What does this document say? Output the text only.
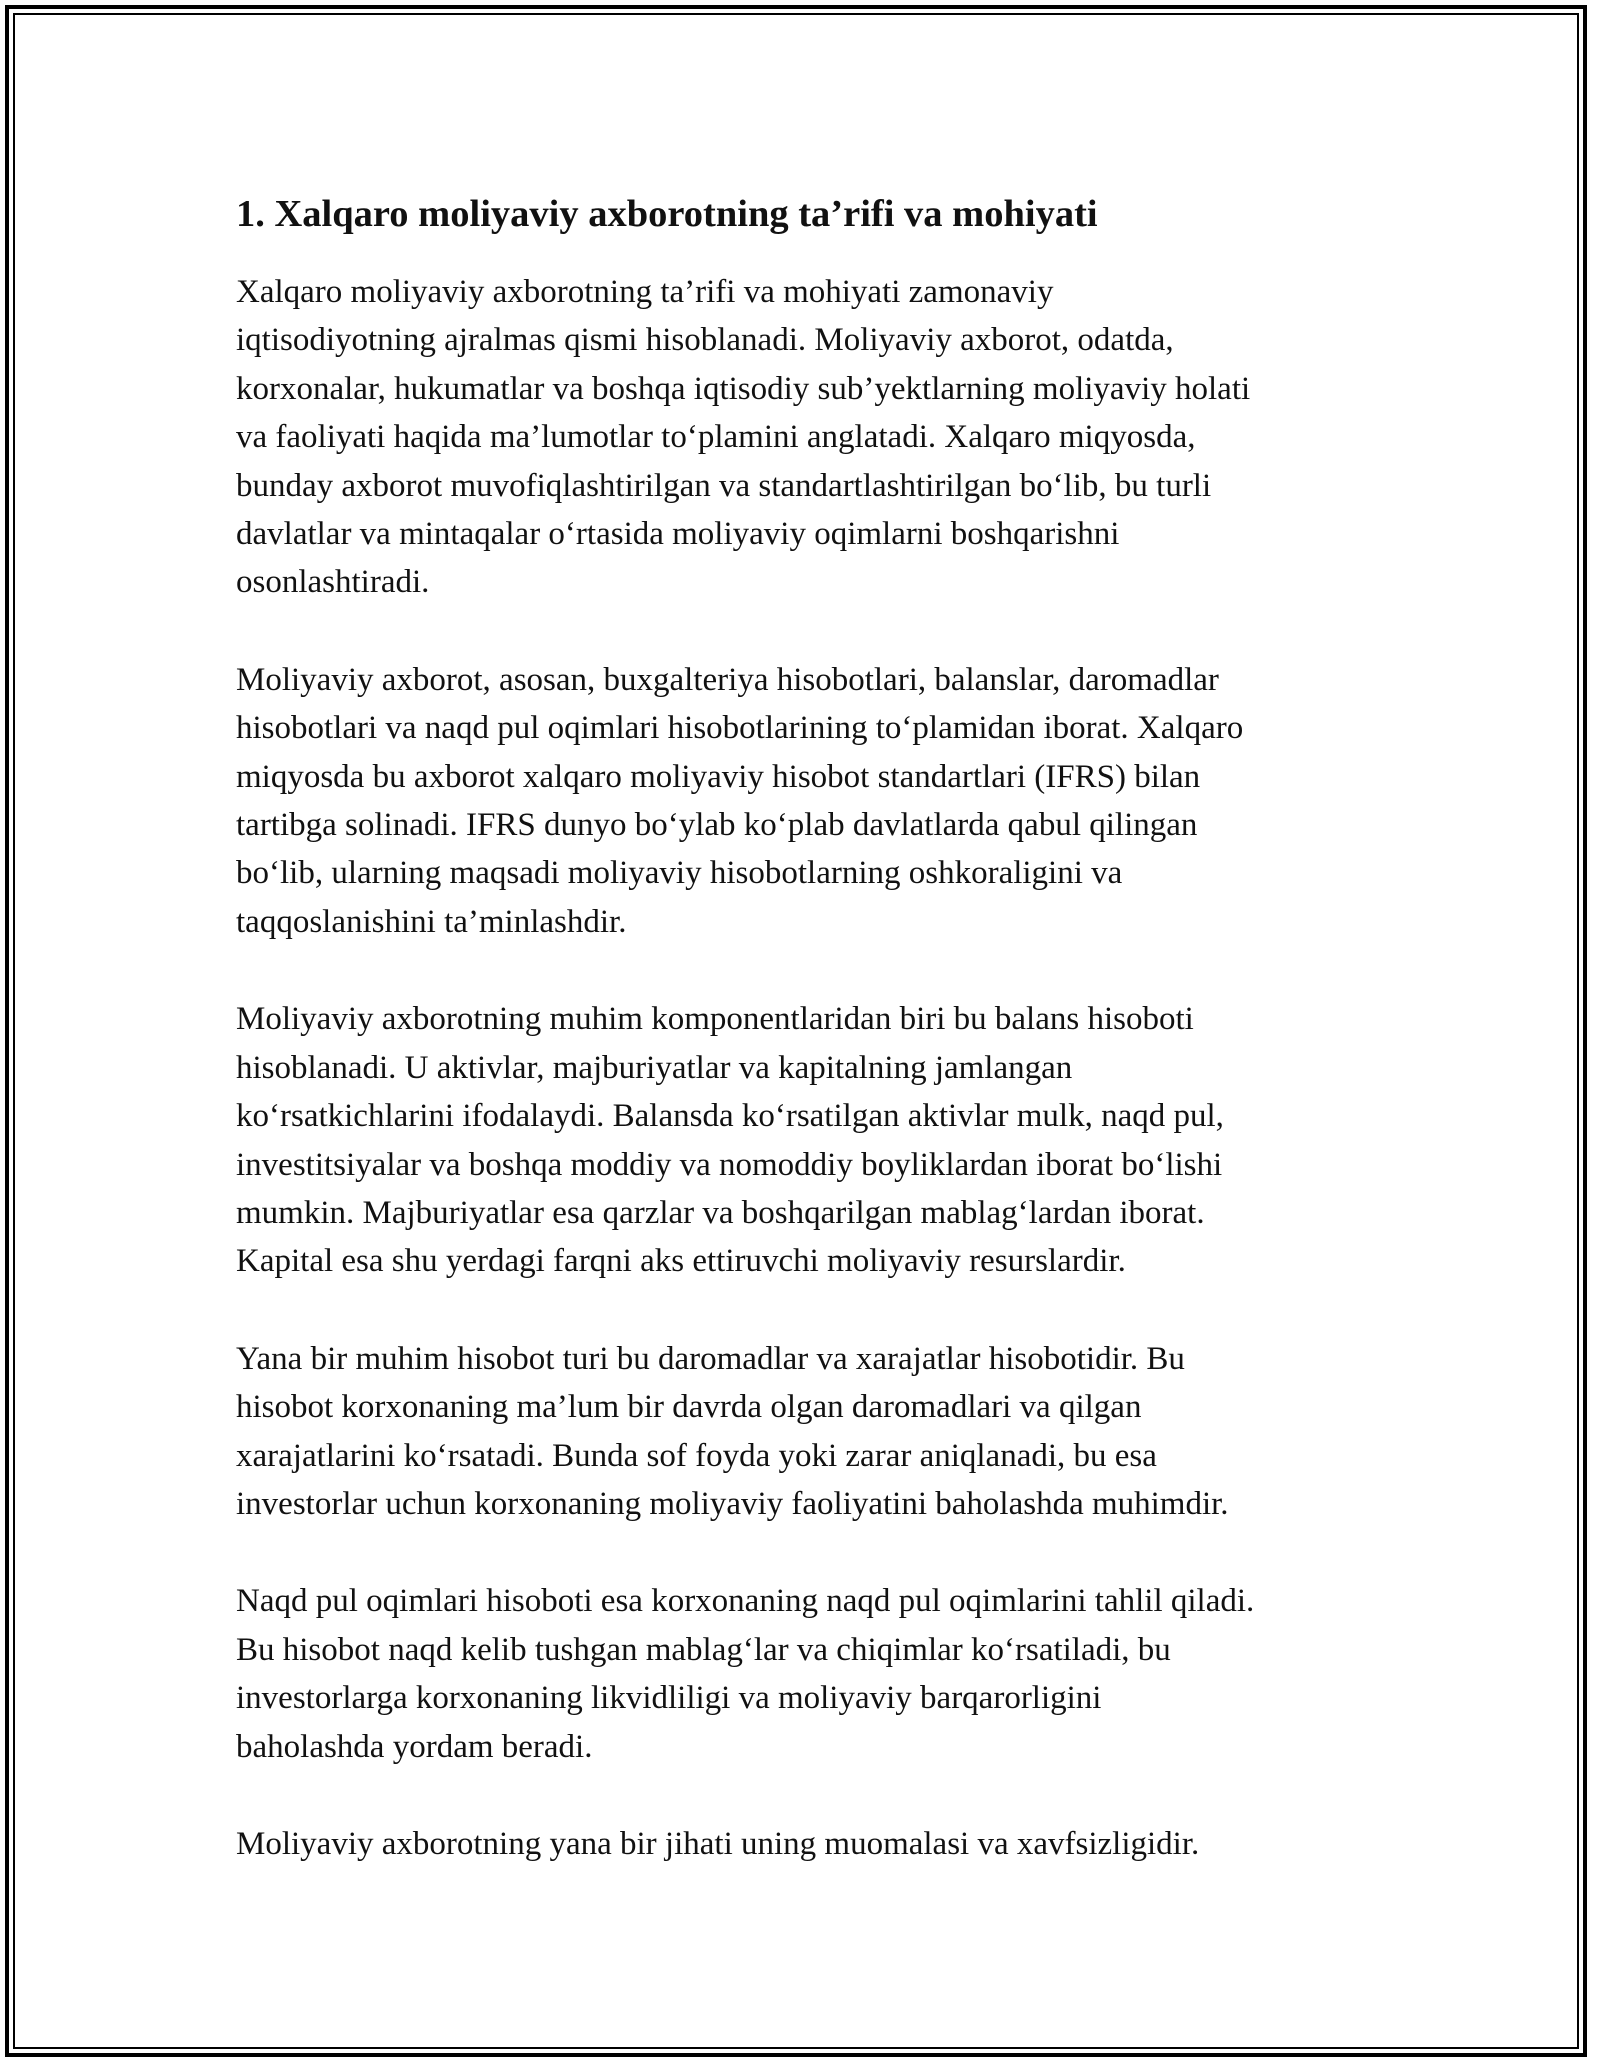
1. Xalqaro moliyaviy axborotning ta’rifi va mohiyati

Xalqaro moliyaviy axborotning ta’rifi va mohiyati zamonaviy
iqtisodiyotning ajralmas qismi hisoblanadi. Moliyaviy axborot, odatda,
korxonalar, hukumatlar va boshqa iqtisodiy sub’yektlarning moliyaviy holati
va faoliyati haqida ma’lumotlar to‘plamini anglatadi. Xalqaro miqyosda,
bunday axborot muvofiqlashtirilgan va standartlashtirilgan bo‘lib, bu turli
davlatlar va mintaqalar o‘rtasida moliyaviy oqimlarni boshqarishni
osonlashtiradi.

Moliyaviy axborot, asosan, buxgalteriya hisobotlari, balanslar, daromadlar
hisobotlari va naqd pul oqimlari hisobotlarining to‘plamidan iborat. Xalqaro
miqyosda bu axborot xalqaro moliyaviy hisobot standartlari (IFRS) bilan
tartibga solinadi. IFRS dunyo bo‘ylab ko‘plab davlatlarda qabul qilingan
bo‘lib, ularning maqsadi moliyaviy hisobotlarning oshkoraligini va
taqqoslanishini ta’minlashdir.

Moliyaviy axborotning muhim komponentlaridan biri bu balans hisoboti
hisoblanadi. U aktivlar, majburiyatlar va kapitalning jamlangan
ko‘rsatkichlarini ifodalaydi. Balansda ko‘rsatilgan aktivlar mulk, naqd pul,
investitsiyalar va boshqa moddiy va nomoddiy boyliklardan iborat bo‘lishi
mumkin. Majburiyatlar esa qarzlar va boshqarilgan mablag‘lardan iborat.
Kapital esa shu yerdagi farqni aks ettiruvchi moliyaviy resurslardir.

Yana bir muhim hisobot turi bu daromadlar va xarajatlar hisobotidir. Bu
hisobot korxonaning ma’lum bir davrda olgan daromadlari va qilgan
xarajatlarini ko‘rsatadi. Bunda sof foyda yoki zarar aniqlanadi, bu esa
investorlar uchun korxonaning moliyaviy faoliyatini baholashda muhimdir.

Naqd pul oqimlari hisoboti esa korxonaning naqd pul oqimlarini tahlil qiladi.
Bu hisobot naqd kelib tushgan mablag‘lar va chiqimlar ko‘rsatiladi, bu
investorlarga korxonaning likvidliligi va moliyaviy barqarorligini
baholashda yordam beradi.

Moliyaviy axborotning yana bir jihati uning muomalasi va xavfsizligidir.
